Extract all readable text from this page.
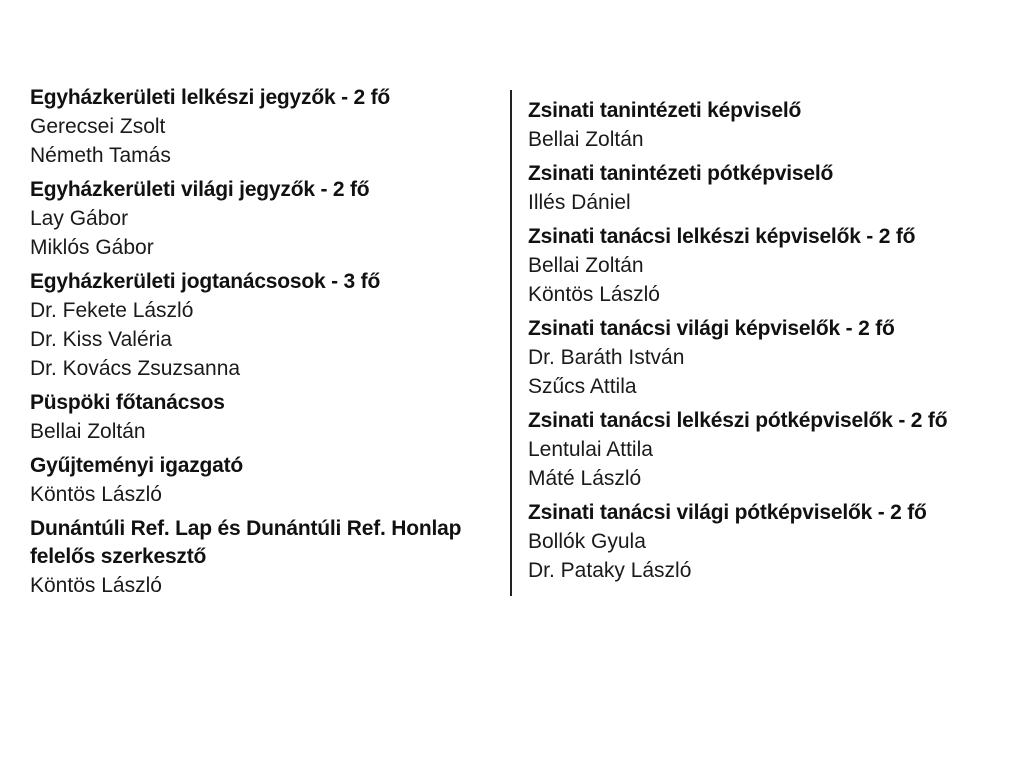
Egyházkerületi lelkészi jegyzők - 2 fő
Gerecsei Zsolt
Németh Tamás
Egyházkerületi világi jegyzők - 2 fő
Lay Gábor
Miklós Gábor
Egyházkerületi jogtanácsosok - 3 fő
Dr. Fekete László
Dr. Kiss Valéria
Dr. Kovács Zsuzsanna
Püspöki főtanácsos
Bellai Zoltán
Gyűjteményi igazgató
Köntös László
Dunántúli Ref. Lap és Dunántúli Ref. Honlap felelős szerkesztő
Köntös László
Zsinati tanintézeti képviselő
Bellai Zoltán
Zsinati tanintézeti pótképviselő
Illés Dániel
Zsinati tanácsi lelkészi képviselők - 2 fő
Bellai Zoltán
Köntös László
Zsinati tanácsi világi képviselők - 2 fő
Dr. Baráth István
Szűcs Attila
Zsinati tanácsi lelkészi pótképviselők - 2 fő
Lentulai Attila
Máté László
Zsinati tanácsi világi pótképviselők - 2 fő
Bollók Gyula
Dr. Pataky László
